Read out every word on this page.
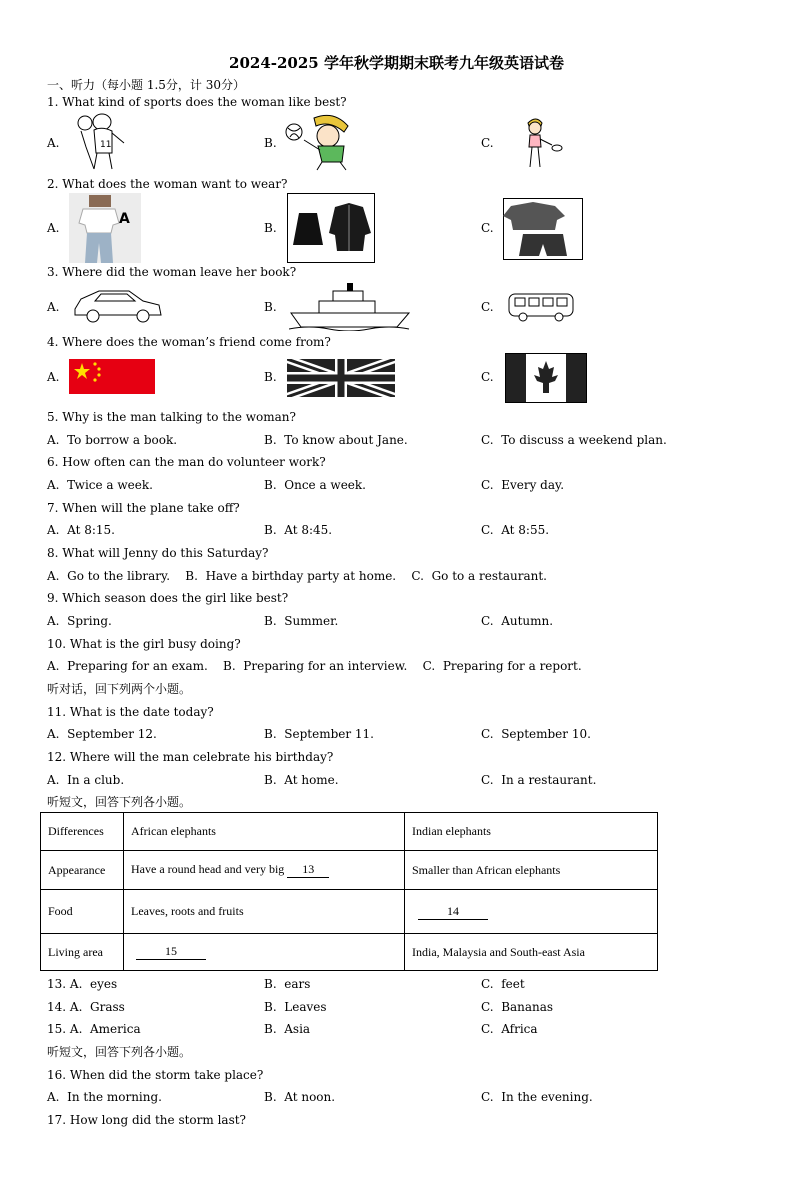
2024-2025 学年秋学期期末联考九年级英语试卷
一、听力（每小题 1.5分，计 30分）
1. What kind of sports does the woman like best?
A.	B.	C.
11
2. What does the woman want to wear?
A.	B.	C.
A
3. Where did the woman leave her book?
A.	B.	C.
4. Where does the woman’s friend come from?
A.	B.	C.
5. Why is the man talking to the woman?
A.  To borrow a book.	B.  To know about Jane.	C.  To discuss a weekend plan.
6. How often can the man do volunteer work?
A.  Twice a week.	B.  Once a week.	C.  Every day.
7. When will the plane take off?
A.  At 8:15.	B.  At 8:45.	C.  At 8:55.
8. What will Jenny do this Saturday?
A.  Go to the library.    B.  Have a birthday party at home.    C.  Go to a restaurant.
9. Which season does the girl like best?
A.  Spring.	B.  Summer.	C.  Autumn.
10. What is the girl busy doing?
A.  Preparing for an exam.    B.  Preparing for an interview.    C.  Preparing for a report.
听对话，回下列两个小题。
11. What is the date today?
A.  September 12.	B.  September 11.	C.  September 10.
12. Where will the man celebrate his birthday?
A.  In a club.	B.  At home.	C.  In a restaurant.
听短文，回答下列各小题。
Differences	African elephants	Indian elephants
Appearance	Have a round head and very big 13	Smaller than African elephants
Food	Leaves, roots and fruits	14
Living area	15	India, Malaysia and South-east Asia
13. A.  eyes	B.  ears	C.  feet
14. A.  Grass	B.  Leaves	C.  Bananas
15. A.  America	B.  Asia	C.  Africa
听短文，回答下列各小题。
16. When did the storm take place?
A.  In the morning.	B.  At noon.	C.  In the evening.
17. How long did the storm last?
